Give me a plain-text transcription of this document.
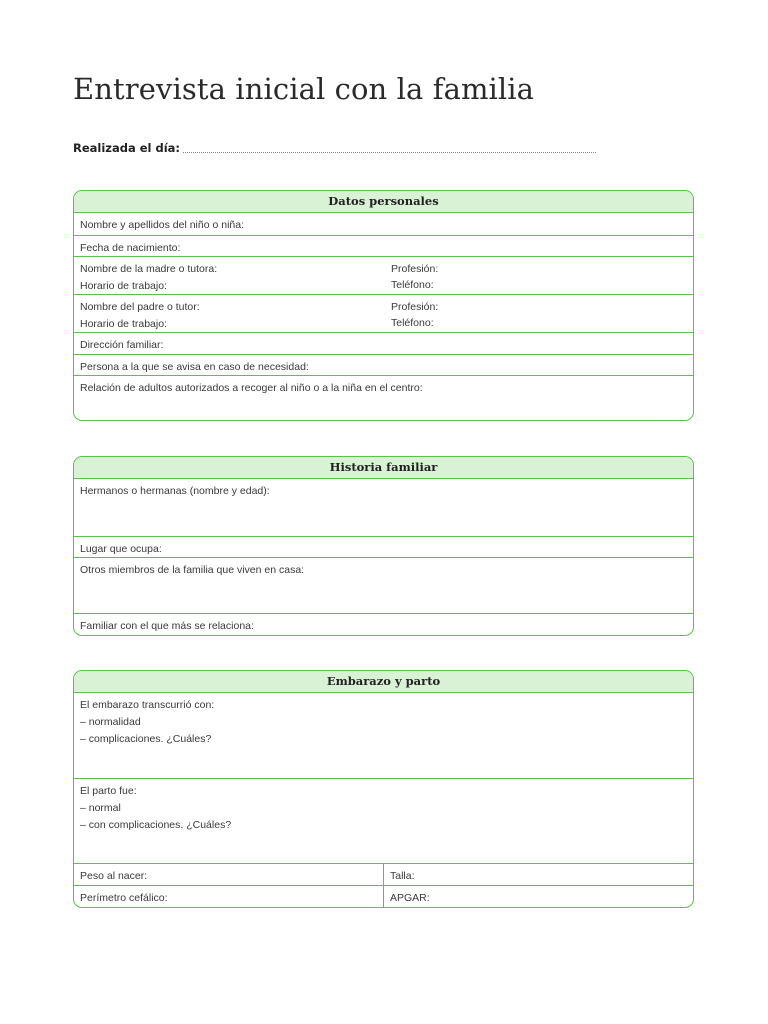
Entrevista inicial con la familia
Realizada el día:
Datos personales
Nombre y apellidos del niño o niña:
Fecha de nacimiento:
Nombre de la madre o tutora:
Horario de trabajo:
Profesión:
Teléfono:
Nombre del padre o tutor:
Horario de trabajo:
Profesión:
Teléfono:
Dirección familiar:
Persona a la que se avisa en caso de necesidad:
Relación de adultos autorizados a recoger al niño o a la niña en el centro:
Historia familiar
Hermanos o hermanas (nombre y edad):
Lugar que ocupa:
Otros miembros de la familia que viven en casa:
Familiar con el que más se relaciona:
Embarazo y parto
El embarazo transcurrió con:
– normalidad
– complicaciones. ¿Cuáles?
El parto fue:
– normal
– con complicaciones. ¿Cuáles?
Peso al nacer:	Talla:
Perímetro cefálico:	APGAR:
